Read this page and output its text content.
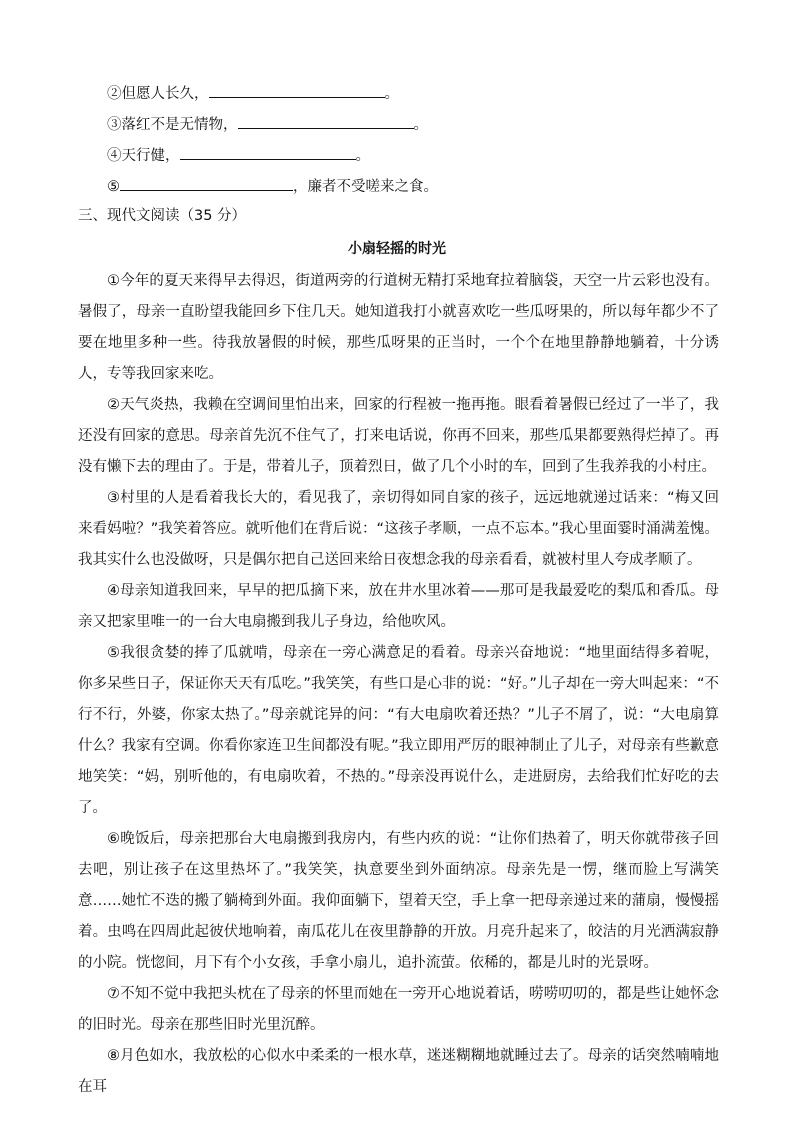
②但愿人长久，	。
③落红不是无情物，	。
④天行健，	。
⑤	，廉者不受嗟来之食。
三、现代文阅读（35 分）
小扇轻摇的时光

①今年的夏天来得早去得迟，街道两旁的行道树无精打采地耷拉着脑袋，天空一片云彩也没有。暑假了，母亲一直盼望我能回乡下住几天。她知道我打小就喜欢吃一些瓜呀果的，所以每年都少不了要在地里多种一些。待我放暑假的时候，那些瓜呀果的正当时，一个个在地里静静地躺着，十分诱人，专等我回家来吃。

②天气炎热，我赖在空调间里怕出来，回家的行程被一拖再拖。眼看着暑假已经过了一半了，我还没有回家的意思。母亲首先沉不住气了，打来电话说，你再不回来，那些瓜果都要熟得烂掉了。再没有懒下去的理由了。于是，带着儿子，顶着烈日，做了几个小时的车，回到了生我养我的小村庄。

③村里的人是看着我长大的，看见我了，亲切得如同自家的孩子，远远地就递过话来：“梅又回来看妈啦？”我笑着答应。就听他们在背后说：“这孩子孝顺，一点不忘本。”我心里面霎时涌满羞愧。我其实什么也没做呀，只是偶尔把自己送回来给日夜想念我的母亲看看，就被村里人夸成孝顺了。

④母亲知道我回来，早早的把瓜摘下来，放在井水里冰着——那可是我最爱吃的梨瓜和香瓜。母亲又把家里唯一的一台大电扇搬到我儿子身边，给他吹风。

⑤我很贪婪的捧了瓜就啃，母亲在一旁心满意足的看着。母亲兴奋地说：“地里面结得多着呢，你多呆些日子，保证你天天有瓜吃。”我笑笑，有些口是心非的说：“好。”儿子却在一旁大叫起来：“不行不行，外婆，你家太热了。”母亲就诧异的问：“有大电扇吹着还热？”儿子不屑了，说：“大电扇算什么？我家有空调。你看你家连卫生间都没有呢。”我立即用严厉的眼神制止了儿子，对母亲有些歉意地笑笑：“妈，别听他的，有电扇吹着，不热的。”母亲没再说什么，走进厨房，去给我们忙好吃的去了。

⑥晚饭后，母亲把那台大电扇搬到我房内，有些内疚的说：“让你们热着了，明天你就带孩子回去吧，别让孩子在这里热坏了。”我笑笑，执意要坐到外面纳凉。母亲先是一愣，继而脸上写满笑意……她忙不迭的搬了躺椅到外面。我仰面躺下，望着天空，手上拿一把母亲递过来的蒲扇，慢慢摇着。虫鸣在四周此起彼伏地响着，南瓜花儿在夜里静静的开放。月亮升起来了，皎洁的月光洒满寂静的小院。恍惚间，月下有个小女孩，手拿小扇儿，追扑流萤。依稀的，都是儿时的光景呀。

⑦不知不觉中我把头枕在了母亲的怀里而她在一旁开心地说着话，唠唠叨叨的，都是些让她怀念的旧时光。母亲在那些旧时光里沉醉。

⑧月色如水，我放松的心似水中柔柔的一根水草，迷迷糊糊地就睡过去了。母亲的话突然喃喃地在耳
